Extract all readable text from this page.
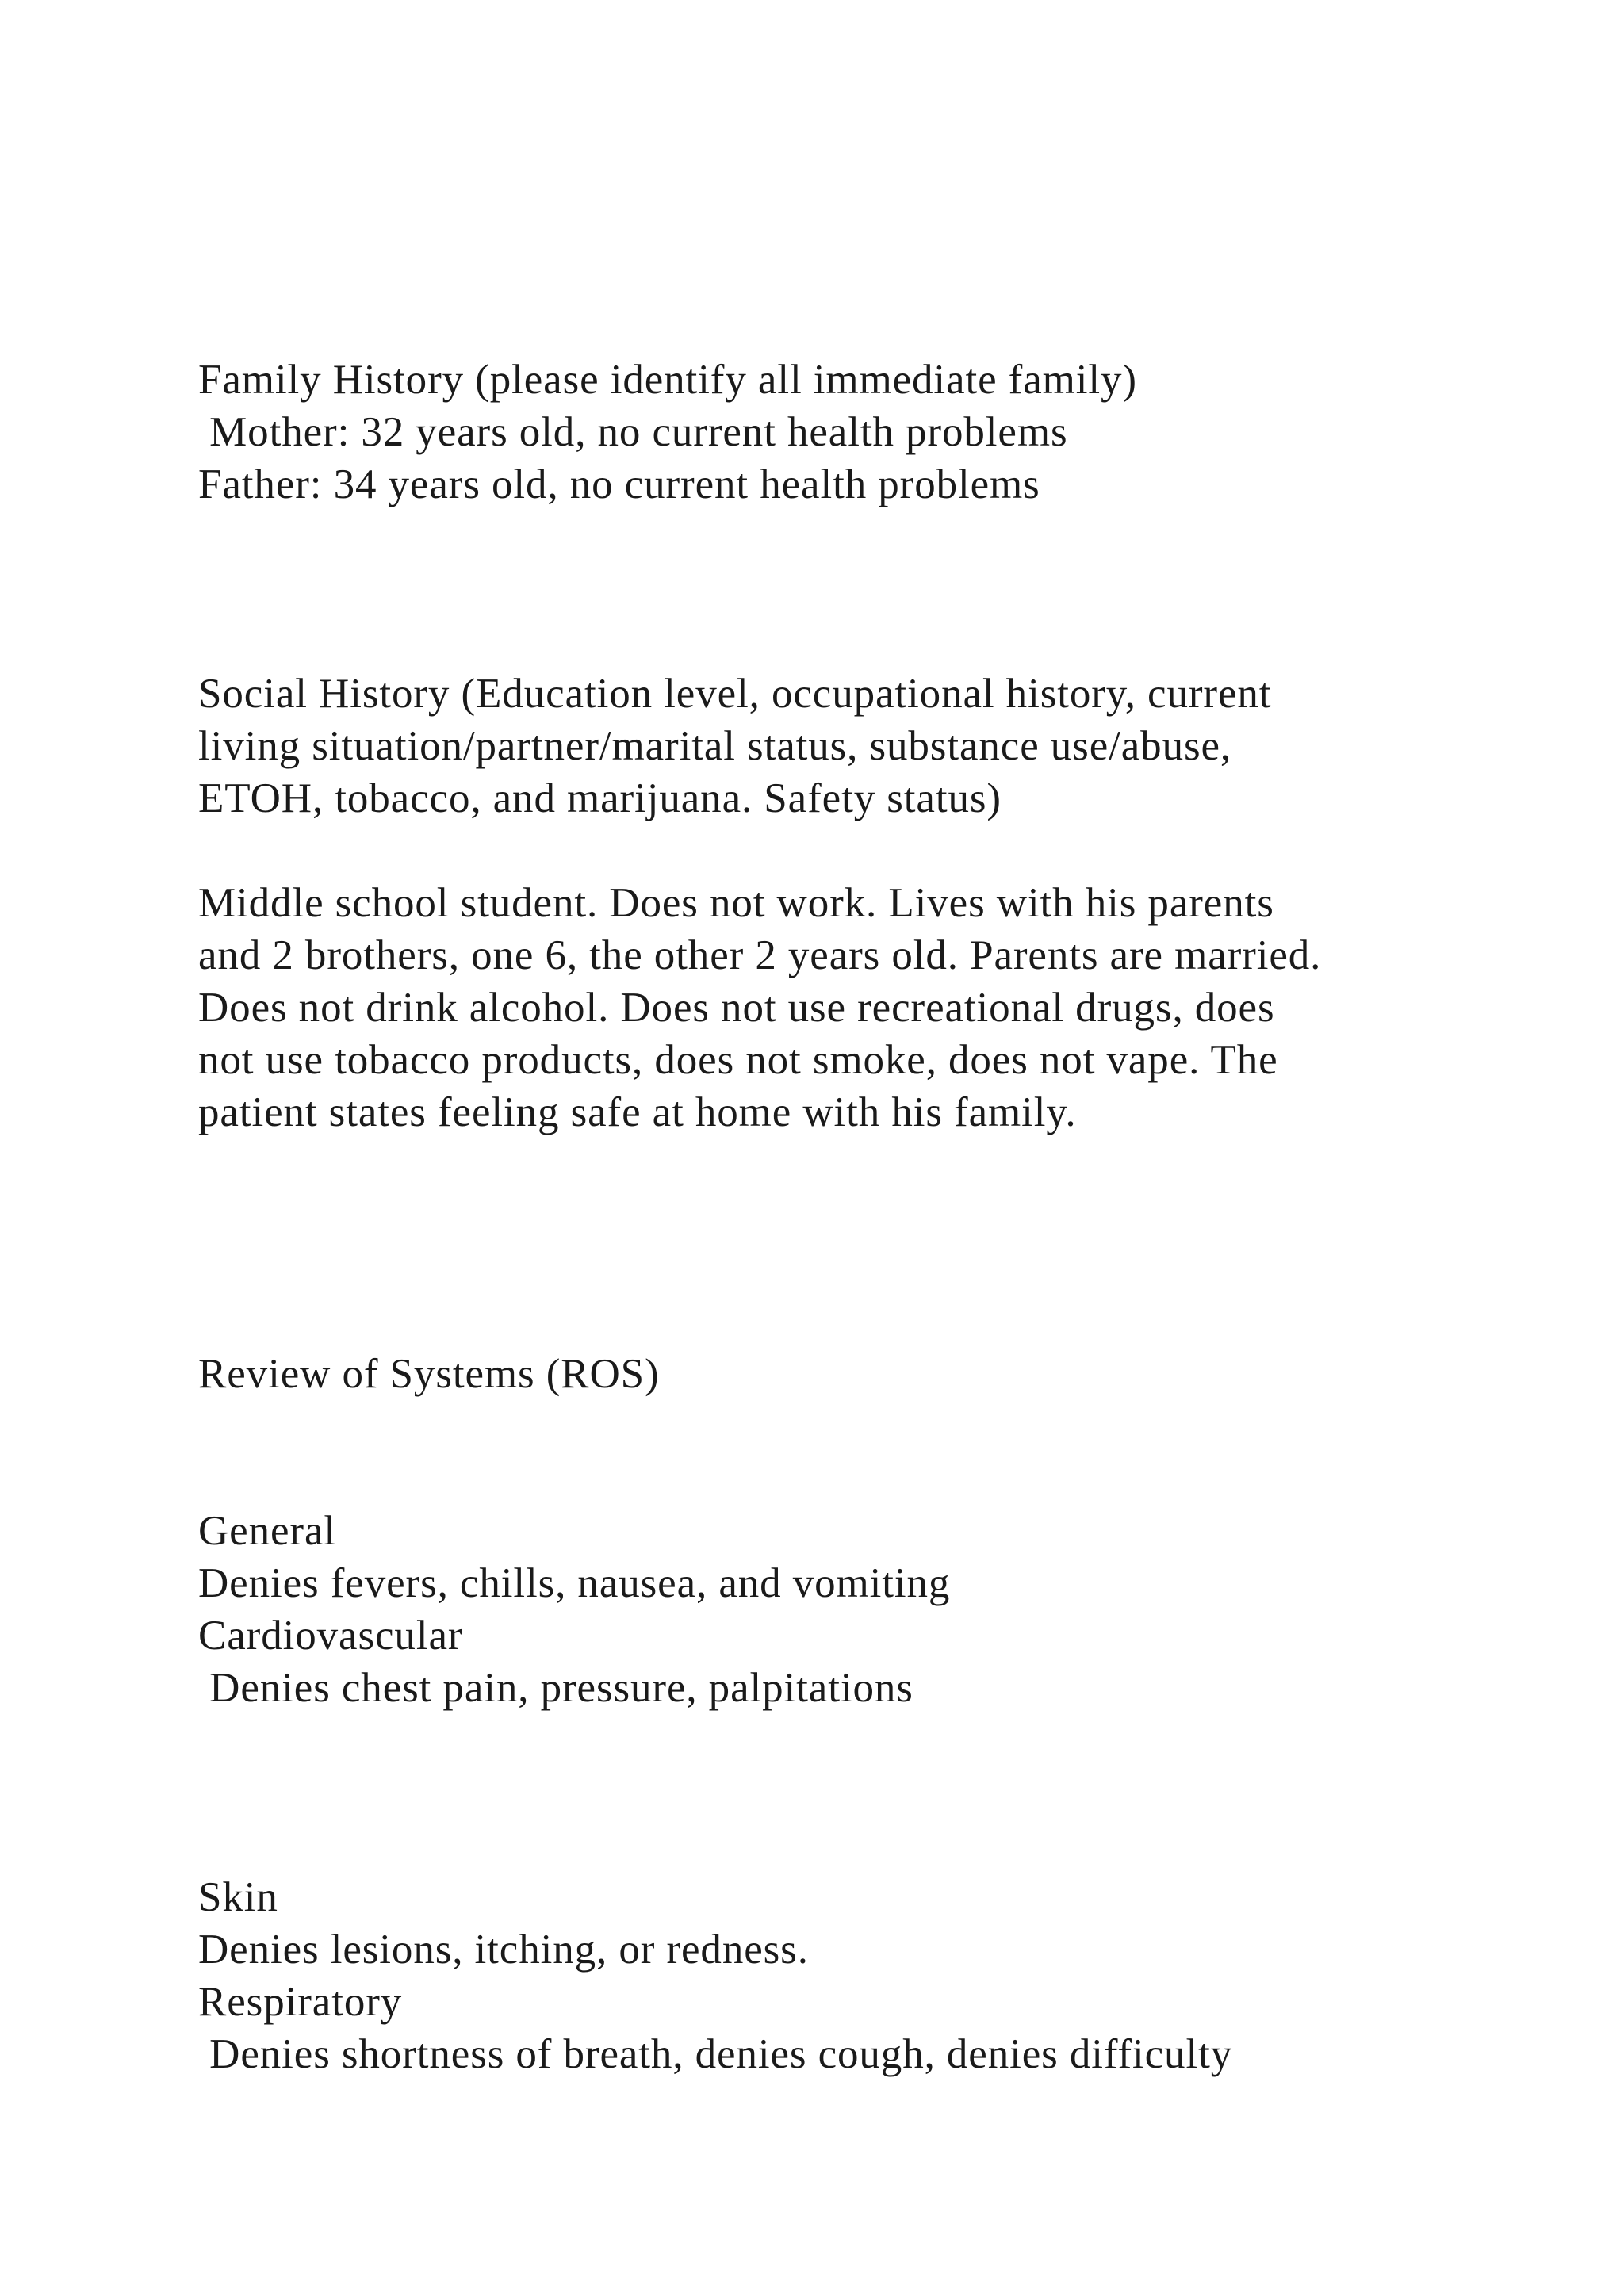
Family History (please identify all immediate family)
Mother: 32 years old, no current health problems
Father: 34 years old, no current health problems
Social History (Education level, occupational history, current
living situation/partner/marital status, substance use/abuse,
ETOH, tobacco, and marijuana. Safety status)
Middle school student. Does not work. Lives with his parents
and 2 brothers, one 6, the other 2 years old. Parents are married.
Does not drink alcohol. Does not use recreational drugs, does
not use tobacco products, does not smoke, does not vape. The
patient states feeling safe at home with his family.
Review of Systems (ROS)
General
Denies fevers, chills, nausea, and vomiting
Cardiovascular
Denies chest pain, pressure, palpitations
Skin
Denies lesions, itching, or redness.
Respiratory
Denies shortness of breath, denies cough, denies difficulty
